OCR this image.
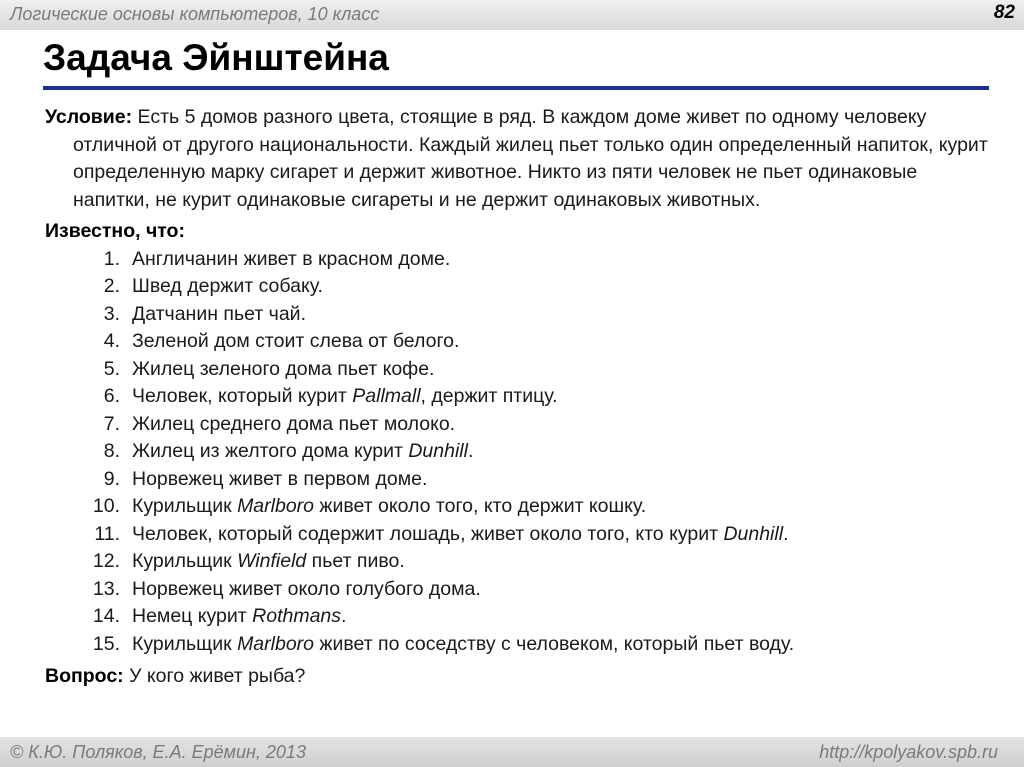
Логические основы компьютеров, 10 класс	82
Задача Эйнштейна

Условие: Есть 5 домов разного цвета, стоящие в ряд. В каждом доме живет по одному человеку отличной от другого национальности. Каждый жилец пьет только один определенный напиток, курит определенную марку сигарет и держит животное. Никто из пяти человек не пьет одинаковые напитки, не курит одинаковые сигареты и не держит одинаковых животных.

Известно, что:
1. Англичанин живет в красном доме.
2. Швед держит собаку.
3. Датчанин пьет чай.
4. Зеленой дом стоит слева от белого.
5. Жилец зеленого дома пьет кофе.
6. Человек, который курит Pallmall, держит птицу.
7. Жилец среднего дома пьет молоко.
8. Жилец из желтого дома курит Dunhill.
9. Норвежец живет в первом доме.
10. Курильщик Marlboro живет около того, кто держит кошку.
11. Человек, который содержит лошадь, живет около того, кто курит Dunhill.
12. Курильщик Winfield пьет пиво.
13. Норвежец живет около голубого дома.
14. Немец курит Rothmans.
15. Курильщик Marlboro живет по соседству с человеком, который пьет воду.

Вопрос: У кого живет рыба?

© К.Ю. Поляков, Е.А. Ерёмин, 2013	http://kpolyakov.spb.ru
